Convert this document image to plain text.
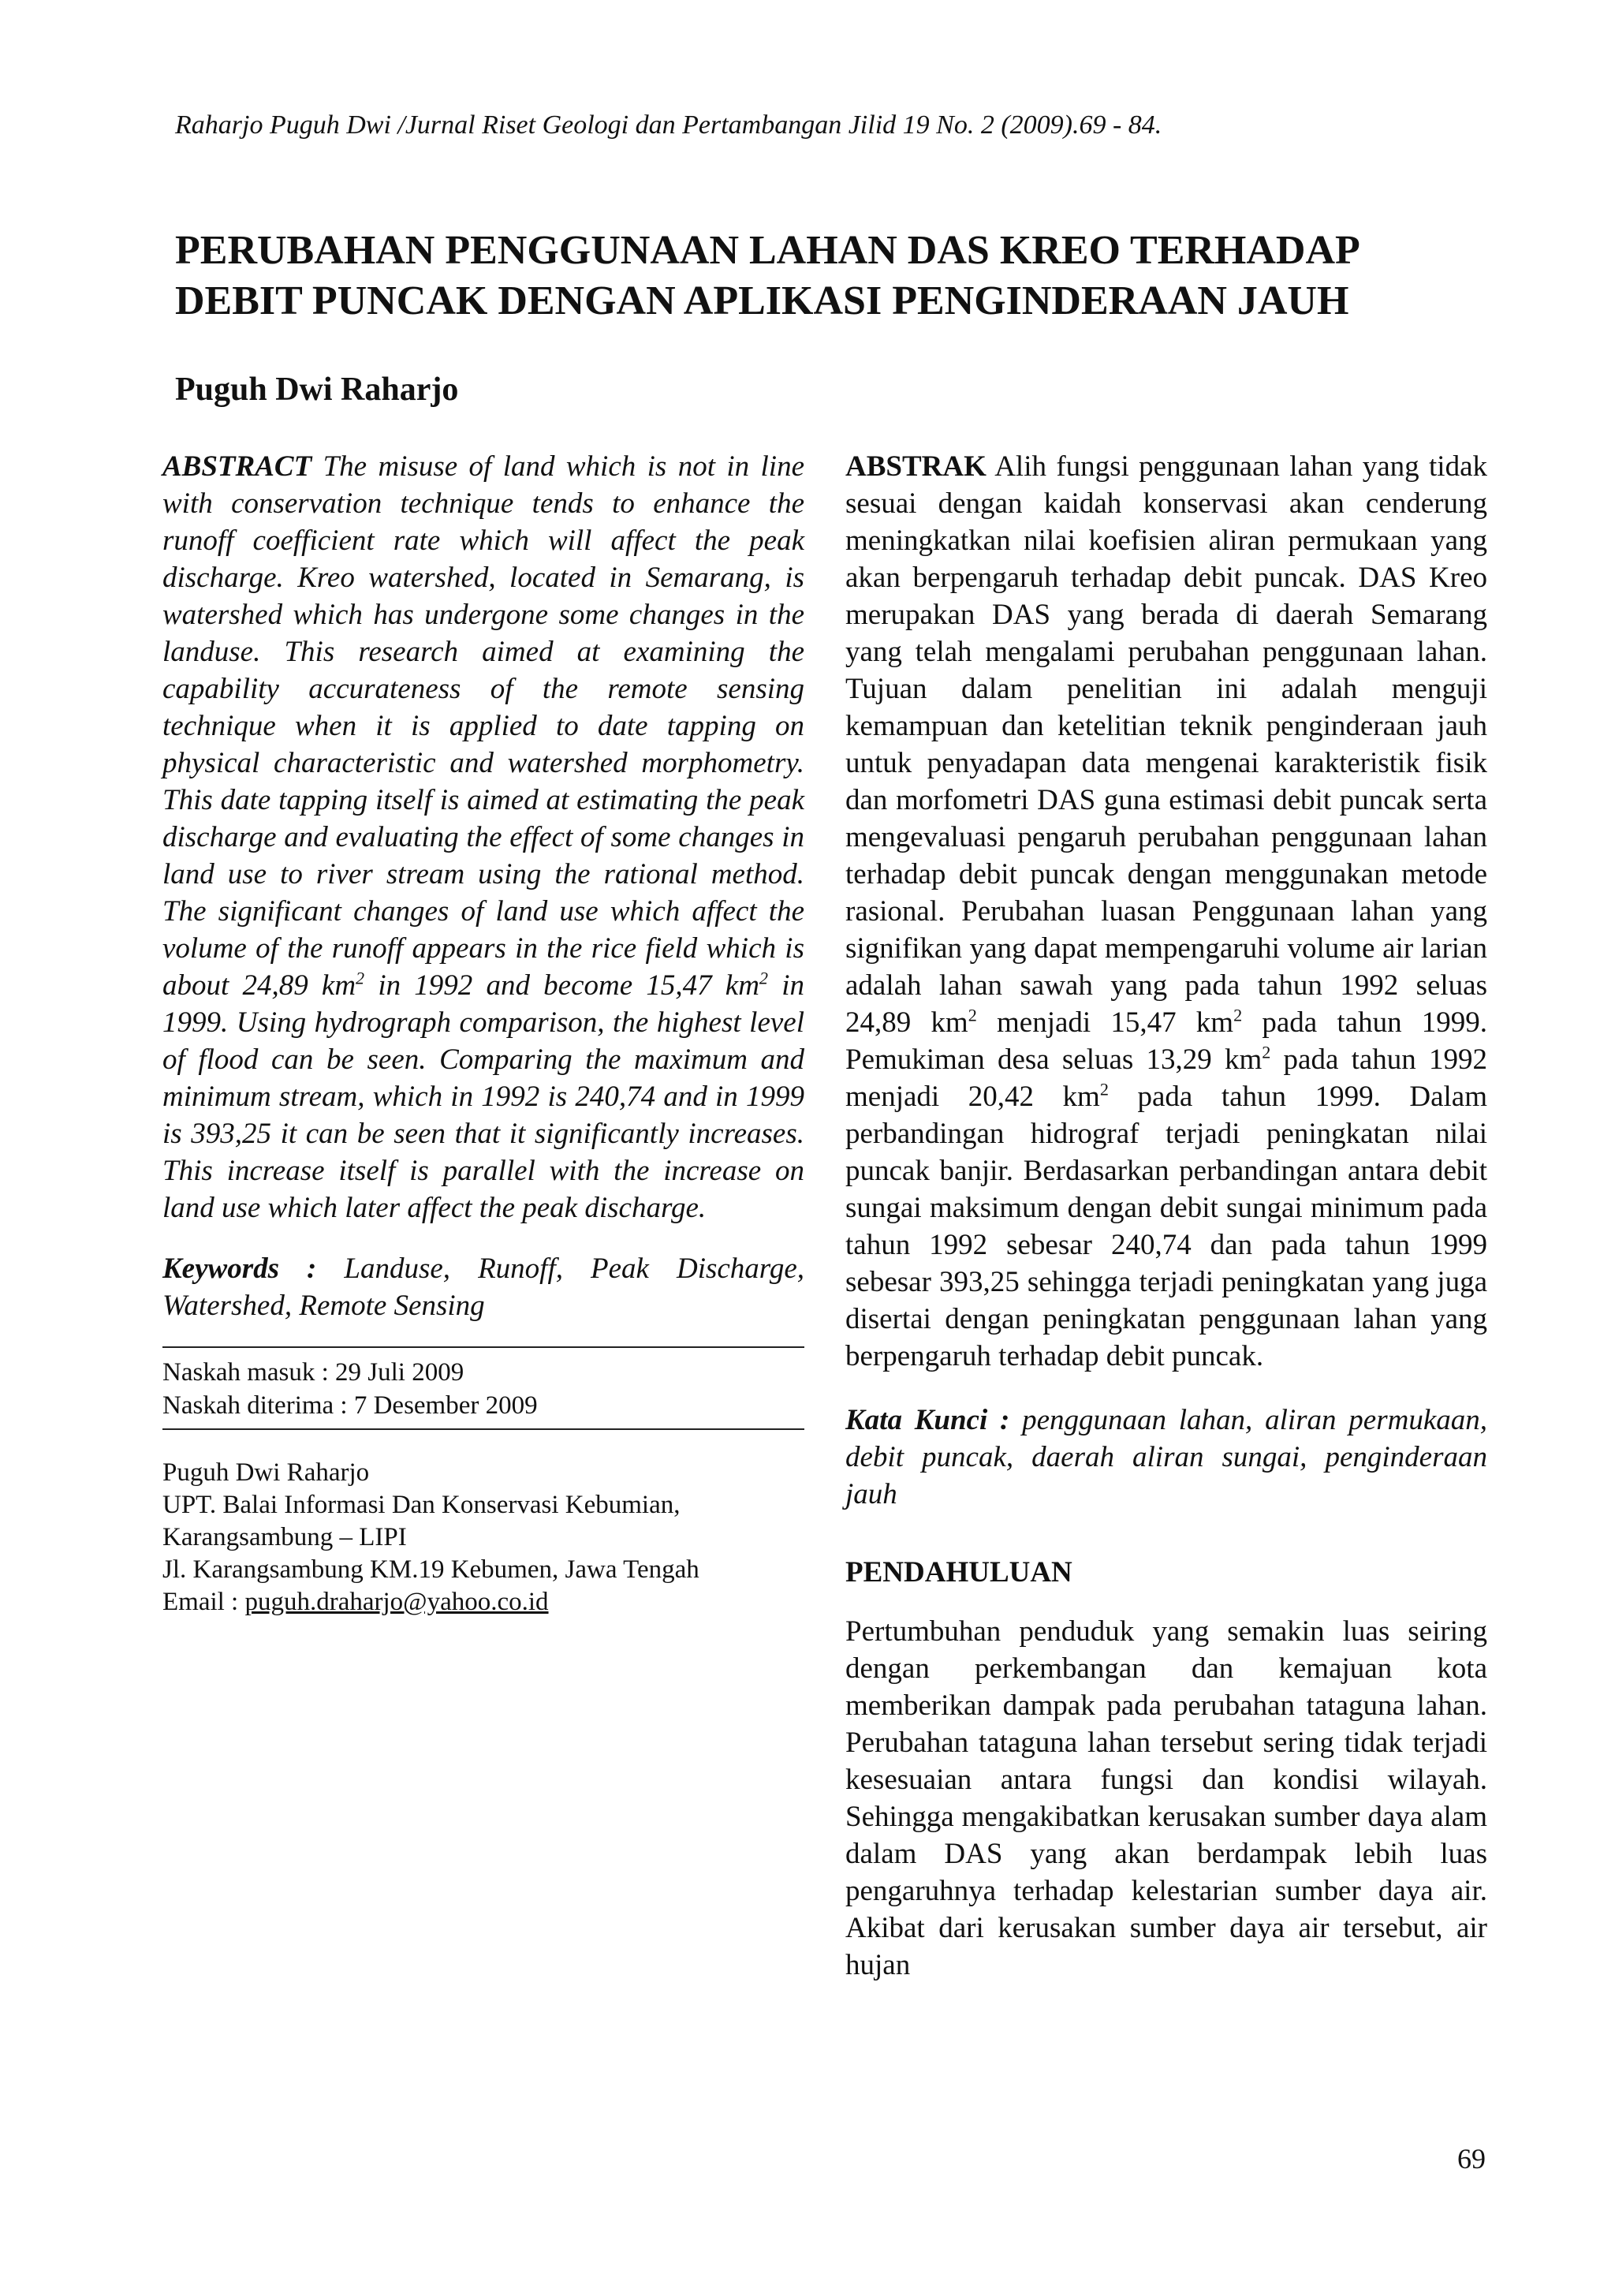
Raharjo Puguh Dwi /Jurnal Riset Geologi dan Pertambangan Jilid 19 No. 2 (2009).69 - 84.
PERUBAHAN PENGGUNAAN LAHAN DAS KREO TERHADAP
DEBIT PUNCAK DENGAN APLIKASI PENGINDERAAN JAUH
Puguh Dwi Raharjo

ABSTRACT The misuse of land which is not in line with conservation technique tends to enhance the runoff coefficient rate which will affect the peak discharge. Kreo watershed, located in Semarang, is watershed which has undergone some changes in the landuse. This research aimed at examining the capability accurateness of the remote sensing technique when it is applied to date tapping on physical characteristic and watershed morphometry. This date tapping itself is aimed at estimating the peak discharge and evaluating the effect of some changes in land use to river stream using the rational method. The significant changes of land use which affect the volume of the runoff appears in the rice field which is about 24,89 $km^2$ in 1992 and become 15,47 $km^2$ in 1999. Using hydrograph comparison, the highest level of flood can be seen. Comparing the maximum and minimum stream, which in 1992 is 240,74 and in 1999 is 393,25 it can be seen that it significantly increases. This increase itself is parallel with the increase on land use which later affect the peak discharge.

Keywords : Landuse, Runoff, Peak Discharge, Watershed, Remote Sensing

Naskah masuk : 29 Juli 2009
Naskah diterima : 7 Desember 2009
Puguh Dwi Raharjo
UPT. Balai Informasi Dan Konservasi Kebumian,
Karangsambung – LIPI
Jl. Karangsambung KM.19 Kebumen, Jawa Tengah
Email : puguh.draharjo@yahoo.co.id

ABSTRAK Alih fungsi penggunaan lahan yang tidak sesuai dengan kaidah konservasi akan cenderung meningkatkan nilai koefisien aliran permukaan yang akan berpengaruh terhadap debit puncak. DAS Kreo merupakan DAS yang berada di daerah Semarang yang telah mengalami perubahan penggunaan lahan. Tujuan dalam penelitian ini adalah menguji kemampuan dan ketelitian teknik penginderaan jauh untuk penyadapan data mengenai karakteristik fisik dan morfometri DAS guna estimasi debit puncak serta mengevaluasi pengaruh perubahan penggunaan lahan terhadap debit puncak dengan menggunakan metode rasional. Perubahan luasan Penggunaan lahan yang signifikan yang dapat mempengaruhi volume air larian adalah lahan sawah yang pada tahun 1992 seluas 24,89 $km^2$ menjadi 15,47 $km^2$ pada tahun 1999. Pemukiman desa seluas 13,29 $km^2$ pada tahun 1992 menjadi 20,42 $km^2$ pada tahun 1999. Dalam perbandingan hidrograf terjadi peningkatan nilai puncak banjir. Berdasarkan perbandingan antara debit sungai maksimum dengan debit sungai minimum pada tahun 1992 sebesar 240,74 dan pada tahun 1999 sebesar 393,25 sehingga terjadi peningkatan yang juga disertai dengan peningkatan penggunaan lahan yang berpengaruh terhadap debit puncak.

Kata Kunci : penggunaan lahan, aliran permukaan, debit puncak, daerah aliran sungai, penginderaan jauh

PENDAHULUAN

Pertumbuhan penduduk yang semakin luas seiring dengan perkembangan dan kemajuan kota memberikan dampak pada perubahan tataguna lahan. Perubahan tataguna lahan tersebut sering tidak terjadi kesesuaian antara fungsi dan kondisi wilayah. Sehingga mengakibatkan kerusakan sumber daya alam dalam DAS yang akan berdampak lebih luas pengaruhnya terhadap kelestarian sumber daya air. Akibat dari kerusakan sumber daya air tersebut, air hujan

69
